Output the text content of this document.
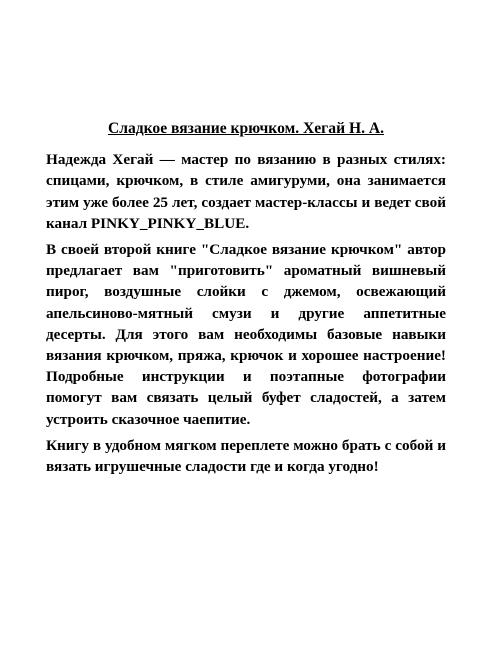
Сладкое вязание крючком. Хегай Н. А.

Надежда Хегай — мастер по вязанию в разных стилях: спицами, крючком, в стиле амигуруми, она занимается этим уже более 25 лет, создает мастер-классы и ведет свой канал PINKY_PINKY_BLUE.

В своей второй книге "Сладкое вязание крючком" автор предлагает вам "приготовить" ароматный вишневый пирог, воздушные слойки с джемом, освежающий апельсиново-мятный смузи и другие аппетитные десерты. Для этого вам необходимы базовые навыки вязания крючком, пряжа, крючок и хорошее настроение! Подробные инструкции и поэтапные фотографии помогут вам связать целый буфет сладостей, а затем устроить сказочное чаепитие.

Книгу в удобном мягком переплете можно брать с собой и вязать игрушечные сладости где и когда угодно!
